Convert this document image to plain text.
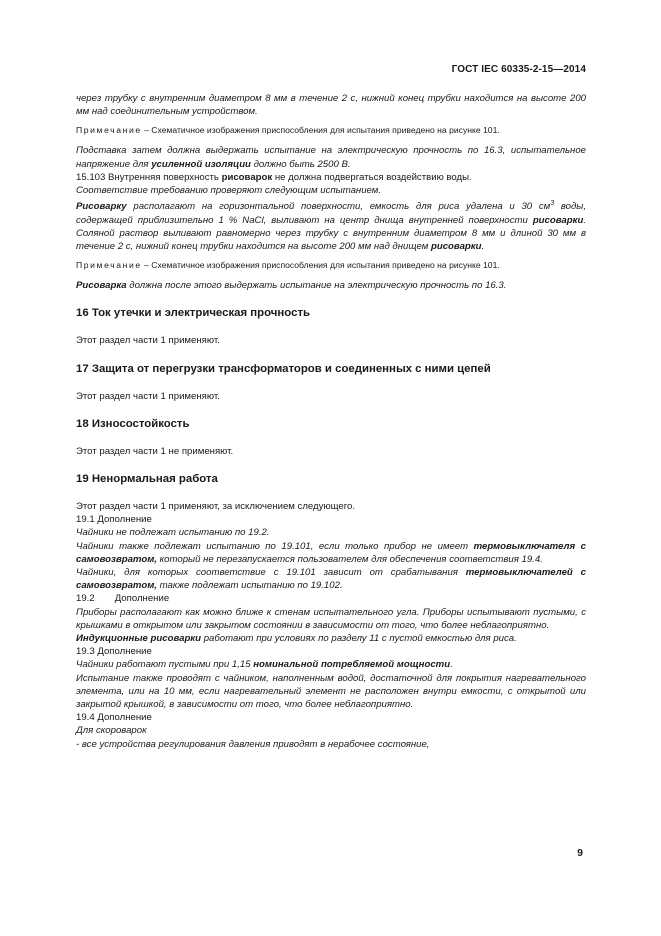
ГОСТ IEC 60335-2-15—2014

через трубку с внутренним диаметром 8 мм в течение 2 с, нижний конец трубки находится на высоте 200 мм над соединительным устройством.

Примечание – Схематичное изображения приспособления для испытания приведено на рисунке 101.

Подставка затем должна выдержать испытание на электрическую прочность по 16.3, испытательное напряжение для усиленной изоляции должно быть 2500 В.

15.103 Внутренняя поверхность рисоварок не должна подвергаться воздействию воды.

Соответствие требованию проверяют следующим испытанием.

Рисоварку располагают на горизонтальной поверхности, емкость для риса удалена и 30 $см^3$ воды, содержащей приблизительно 1 % NaCl, выливают на центр днища внутренней поверхности рисоварки. Соляной раствор выливают равномерно через трубку с внутренним диаметром 8 мм и длиной 30 мм в течение 2 с, нижний конец трубки находится на высоте 200 мм над днищем рисоварки.

Примечание – Схематичное изображения приспособления для испытания приведено на рисунке 101.

Рисоварка должна после этого выдержать испытание на электрическую прочность по 16.3.

16 Ток утечки и электрическая прочность

Этот раздел части 1 применяют.

17 Защита от перегрузки трансформаторов и соединенных с ними цепей

Этот раздел части 1 применяют.

18 Износостойкость

Этот раздел части 1 не применяют.

19 Ненормальная работа

Этот раздел части 1 применяют, за исключением следующего.

19.1 Дополнение

Чайники не подлежат испытанию по 19.2.

Чайники также подлежат испытанию по 19.101, если только прибор не имеет термовыключателя с самовозвратом, который не перезапускается пользователем для обеспечения соответствия 19.4.

Чайники, для которых соответствие с 19.101 зависит от срабатывания термовыключателей с самовозвратом, также подлежат испытанию по 19.102.

19.2 Дополнение

Приборы располагают как можно ближе к стенам испытательного угла. Приборы испытывают пустыми, с крышками в открытом или закрытом состоянии в зависимости от того, что более неблагоприятно.

Индукционные рисоварки работают при условиях по разделу 11 с пустой емкостью для риса.

19.3 Дополнение

Чайники работают пустыми при 1,15 номинальной потребляемой мощности.

Испытание также проводят с чайником, наполненным водой, достаточной для покрытия нагревательного элемента, или на 10 мм, если нагревательный элемент не расположен внутри емкости, с открытой или закрытой крышкой, в зависимости от того, что более неблагоприятно.

19.4 Дополнение

Для скороварок

- все устройства регулирования давления приводят в нерабочее состояние,

9
